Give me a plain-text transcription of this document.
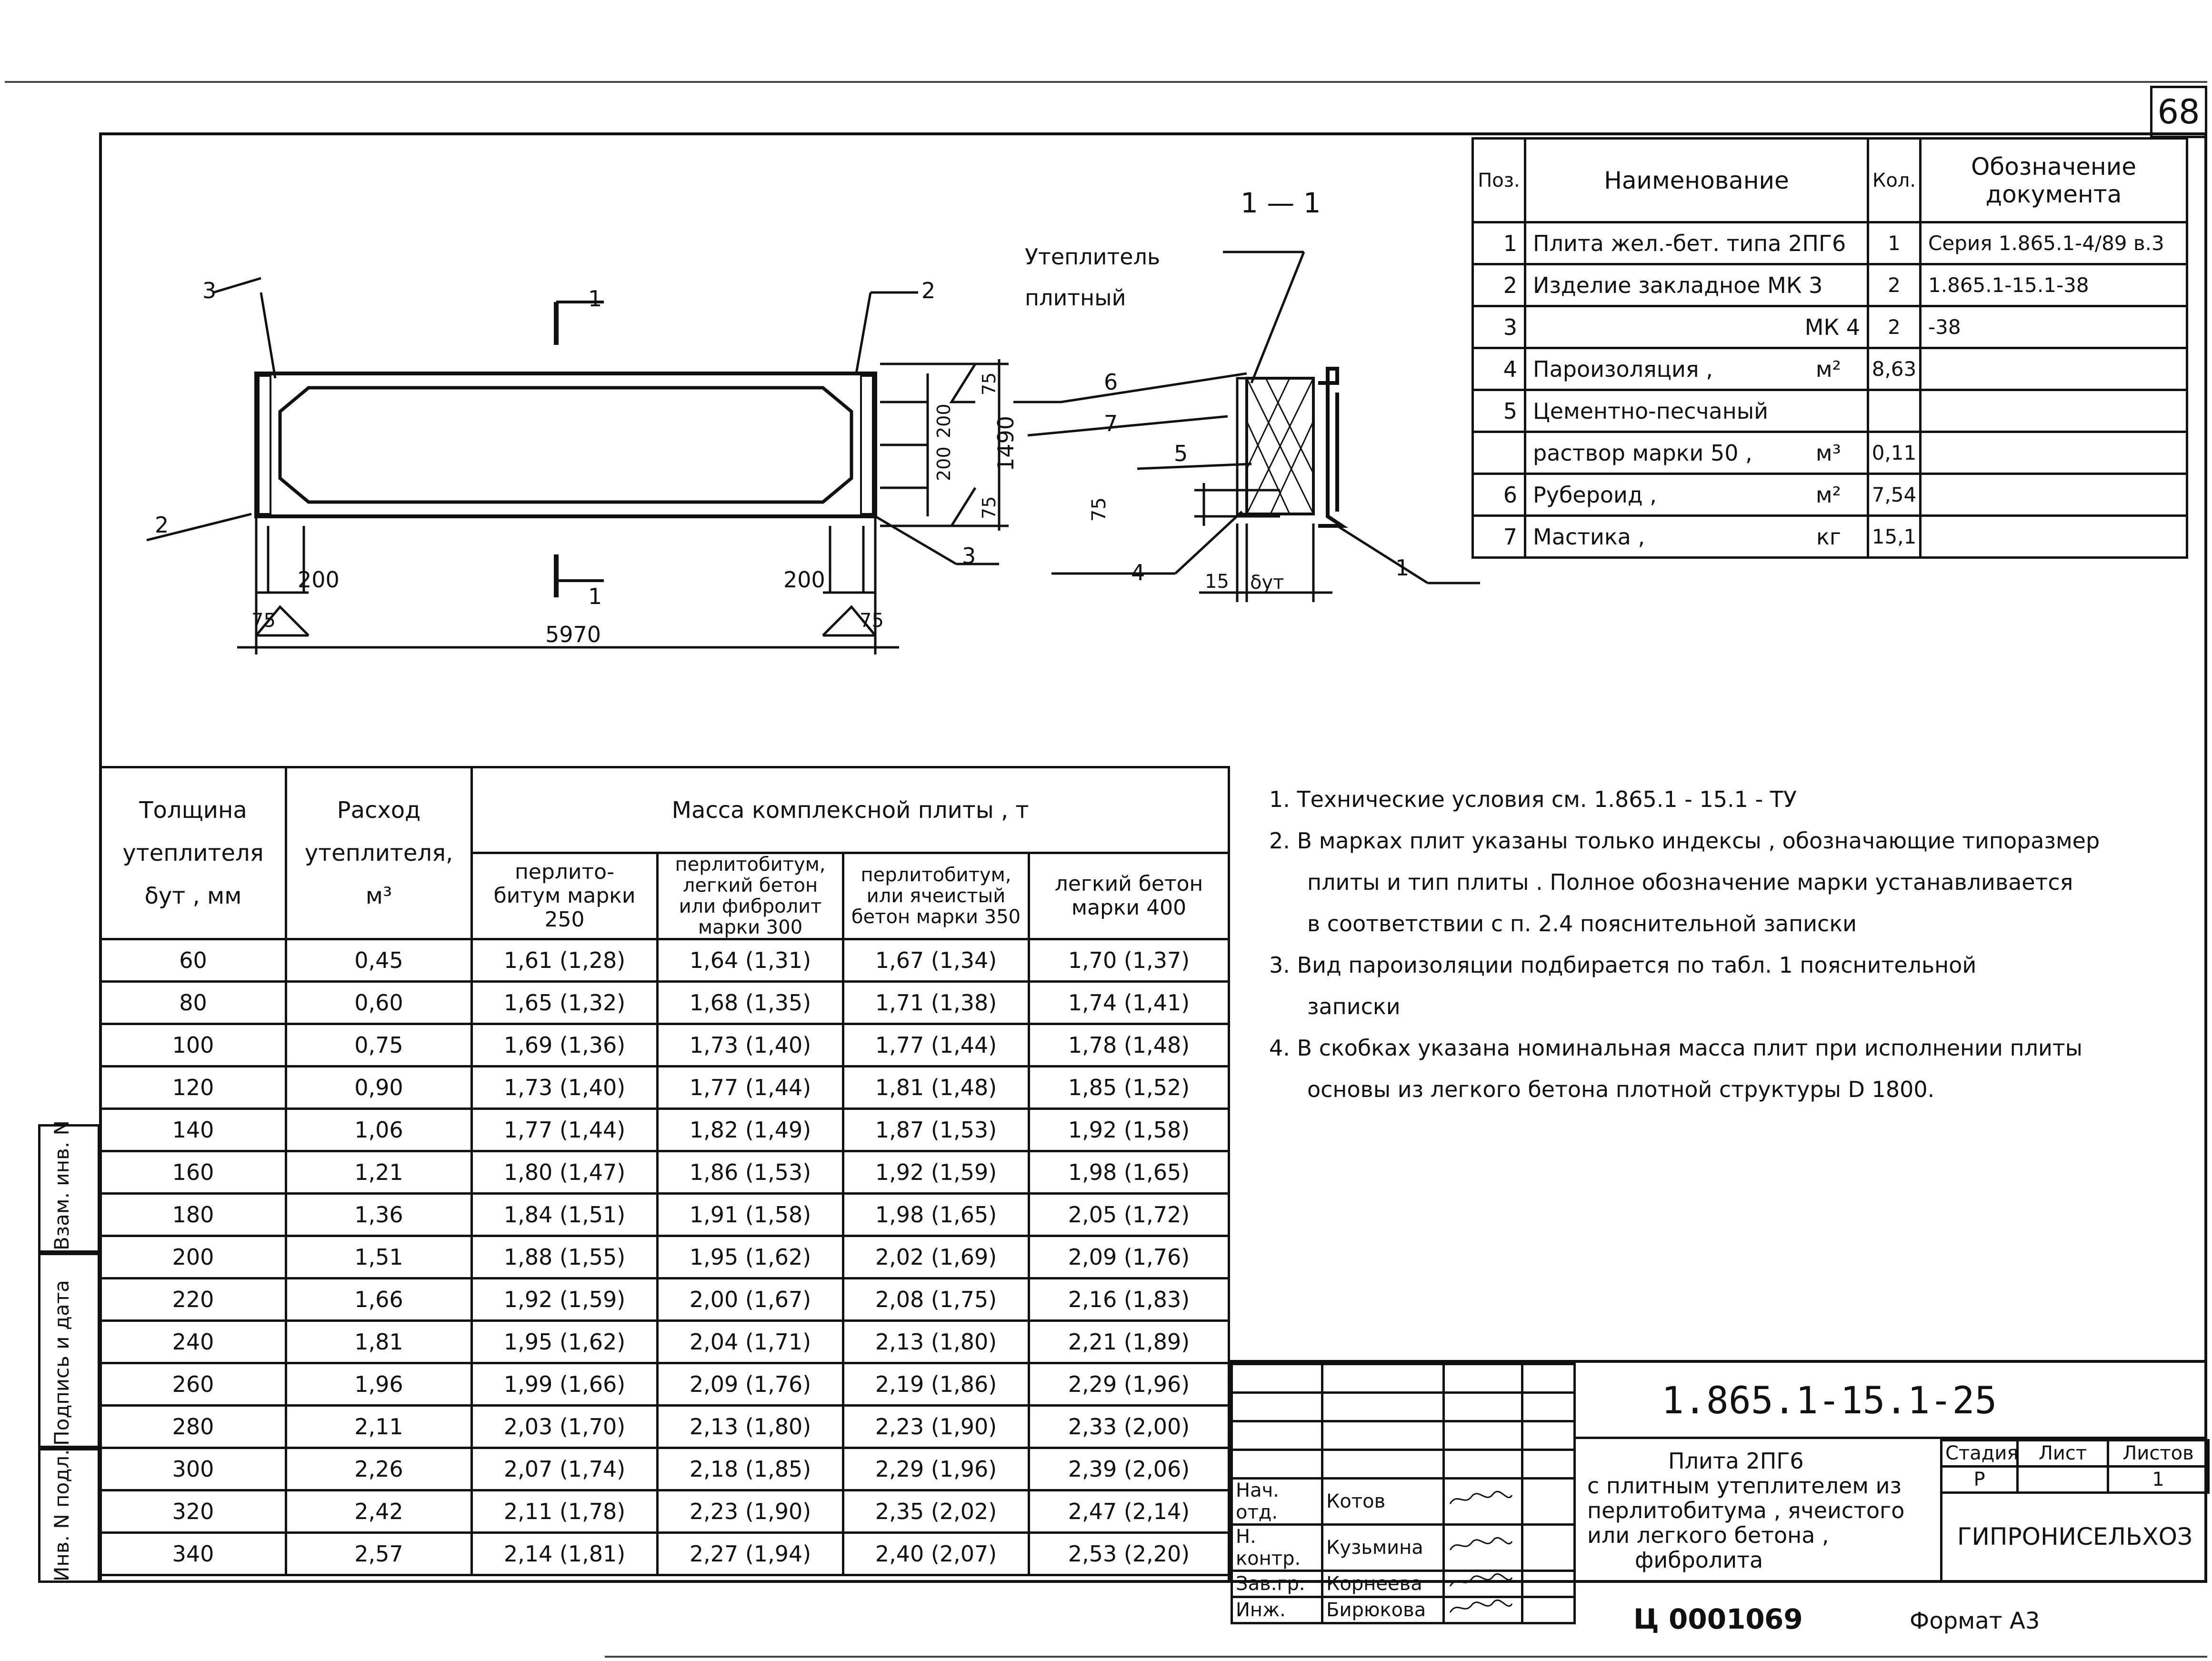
68
Взам. инв. N
Подпись и дата
Инв. N подл.
1 — 1
Утеплитель
плитный
3	2
1
2
3
1
200	200
75	75
5970
1490
75
200
200
75
6
7
5
75
4	15 δут
1
Поз.	Наименование	Кол.	Обозначение документа
1	Плита жел.-бет. типа 2ПГ6	1	Серия 1.865.1-4/89 в.3
2	Изделие закладное МК 3	2	1.865.1-15.1-38
3	МК 4	2	-38
4	Пароизоляция , м²	8,63	
5	Цементно-песчаный

	раствор марки 50 , м³	0,11	
6	Рубероид , м²	7,54	
7	Мастика , кг	15,1	
Толщина утеплителя δут , мм	Расход утеплителя, м³	Масса комплексной плиты , т			
		перлито- битум марки 250	перлитобитум, легкий бетон или фибролит марки 300	перлитобитум, или ячеистый бетон марки 350	легкий бетон марки 400
60	0,45	1,61 (1,28)	1,64 (1,31)	1,67 (1,34)	1,70 (1,37)
80	0,60	1,65 (1,32)	1,68 (1,35)	1,71 (1,38)	1,74 (1,41)
100	0,75	1,69 (1,36)	1,73 (1,40)	1,77 (1,44)	1,78 (1,48)
120	0,90	1,73 (1,40)	1,77 (1,44)	1,81 (1,48)	1,85 (1,52)
140	1,06	1,77 (1,44)	1,82 (1,49)	1,87 (1,53)	1,92 (1,58)
160	1,21	1,80 (1,47)	1,86 (1,53)	1,92 (1,59)	1,98 (1,65)
180	1,36	1,84 (1,51)	1,91 (1,58)	1,98 (1,65)	2,05 (1,72)
200	1,51	1,88 (1,55)	1,95 (1,62)	2,02 (1,69)	2,09 (1,76)
220	1,66	1,92 (1,59)	2,00 (1,67)	2,08 (1,75)	2,16 (1,83)
240	1,81	1,95 (1,62)	2,04 (1,71)	2,13 (1,80)	2,21 (1,89)
260	1,96	1,99 (1,66)	2,09 (1,76)	2,19 (1,86)	2,29 (1,96)
280	2,11	2,03 (1,70)	2,13 (1,80)	2,23 (1,90)	2,33 (2,00)
300	2,26	2,07 (1,74)	2,18 (1,85)	2,29 (1,96)	2,39 (2,06)
320	2,42	2,11 (1,78)	2,23 (1,90)	2,35 (2,02)	2,47 (2,14)
340	2,57	2,14 (1,81)	2,27 (1,94)	2,40 (2,07)	2,53 (2,20)
1. Технические условия см. 1.865.1 - 15.1 - ТУ
2. В марках плит указаны только индексы , обозначающие типоразмер
плиты и тип плиты . Полное обозначение марки устанавливается
в соответствии с п. 2.4 пояснительной записки
3. Вид пароизоляции подбирается по табл. 1 пояснительной
записки
4. В скобках указана номинальная масса плит при исполнении плиты
основы из легкого бетона плотной структуры D 1800.

Нач. отд.	Котов		
Н. контр.	Кузьмина		
Зав.гр.	Корнеева		
Инж.	Бирюкова		
1.865.1-15.1-25
Плита 2ПГ6
с плитным утеплителем из
перлитобитума , ячеистого
или легкого бетона ,
фибролита
Стадия	Лист	Листов
Р		1
ГИПРОНИСЕЛЬХОЗ
Ц 00010 69	Формат А3
